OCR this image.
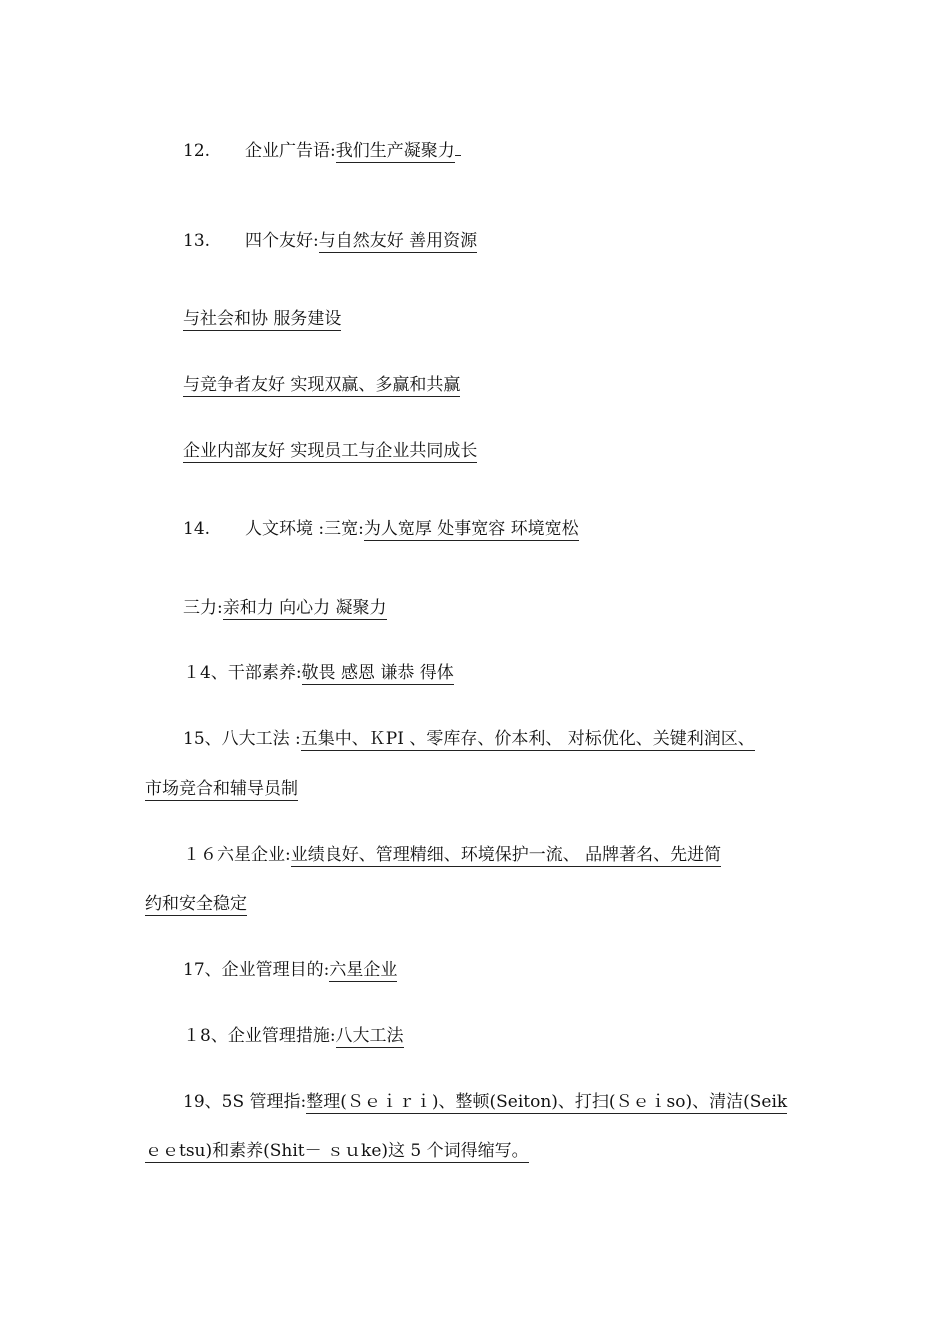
12. 企业广告语:我们生产凝聚力
13. 四个友好:与自然友好 善用资源
与社会和协 服务建设
与竞争者友好 实现双赢、多赢和共赢
企业内部友好 实现员工与企业共同成长
14. 人文环境 :三宽:为人宽厚 处事宽容 环境宽松
三力:亲和力 向心力 凝聚力
１4、干部素养:敬畏 感恩 谦恭 得体
15、八大工法 :五集中、ＫPI 、零库存、价本利、 对标优化、关键利润区、
市场竞合和辅导员制
１６六星企业:业绩良好、管理精细、环境保护一流、 品牌著名、先进简
约和安全稳定
17、企业管理目的:六星企业
１8、企业管理措施:八大工法
19、5S 管理指:整理(Ｓｅｉｒｉ)、整顿(Seiton)、打扫(Ｓｅｉso)、清洁(Seik
ｅｅtsu)和素养(Shit－ ｓｕke)这 5 个词得缩写。
